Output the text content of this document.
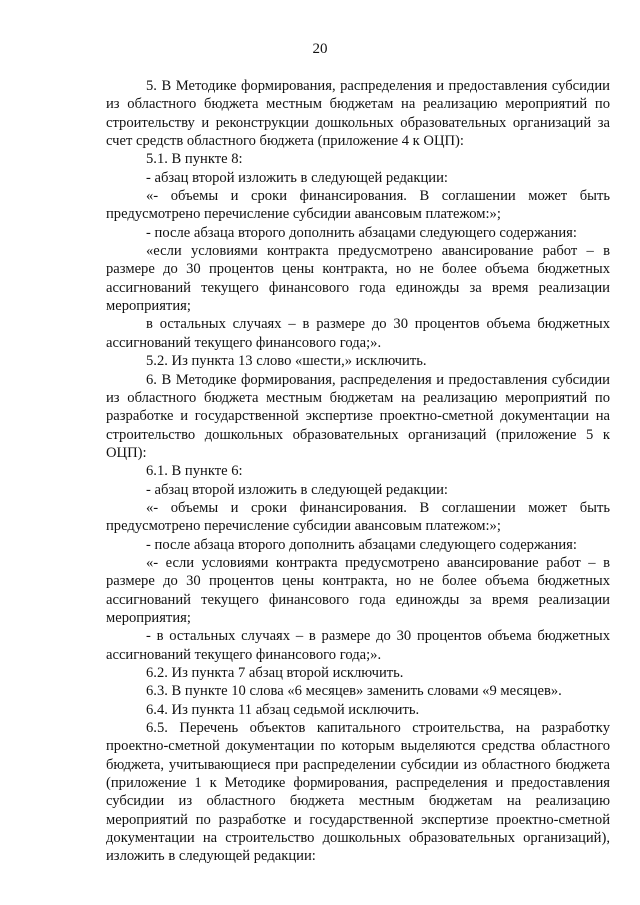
20

5. В Методике формирования, распределения и предоставления субсидии из областного бюджета местным бюджетам на реализацию мероприятий по строительству и реконструкции дошкольных образовательных организаций за счет средств областного бюджета (приложение 4 к ОЦП):

5.1. В пункте 8:

- абзац второй изложить в следующей редакции:

«- объемы и сроки финансирования. В соглашении может быть предусмотрено перечисление субсидии авансовым платежом:»;

- после абзаца второго дополнить абзацами следующего содержания:

«если условиями контракта предусмотрено авансирование работ – в размере до 30 процентов цены контракта, но не более объема бюджетных ассигнований текущего финансового года единожды за время реализации мероприятия;

в остальных случаях – в размере до 30 процентов объема бюджетных ассигнований текущего финансового года;».

5.2. Из пункта 13 слово «шести,» исключить.

6. В Методике формирования, распределения и предоставления субсидии из областного бюджета местным бюджетам на реализацию мероприятий по разработке и государственной экспертизе проектно-сметной документации на строительство дошкольных образовательных организаций (приложение 5 к ОЦП):

6.1. В пункте 6:

- абзац второй изложить в следующей редакции:

«- объемы и сроки финансирования. В соглашении может быть предусмотрено перечисление субсидии авансовым платежом:»;

- после абзаца второго дополнить абзацами следующего содержания:

«- если условиями контракта предусмотрено авансирование работ – в размере до 30 процентов цены контракта, но не более объема бюджетных ассигнований текущего финансового года единожды за время реализации мероприятия;

- в остальных случаях – в размере до 30 процентов объема бюджетных ассигнований текущего финансового года;».

6.2. Из пункта 7 абзац второй исключить.

6.3. В пункте 10 слова «6 месяцев» заменить словами «9 месяцев».

6.4. Из пункта 11 абзац седьмой исключить.

6.5. Перечень объектов капитального строительства, на разработку проектно-сметной документации по которым выделяются средства областного бюджета, учитывающиеся при распределении субсидии из областного бюджета (приложение 1 к Методике формирования, распределения и предоставления субсидии из областного бюджета местным бюджетам на реализацию мероприятий по разработке и государственной экспертизе проектно-сметной документации на строительство дошкольных образовательных организаций), изложить в следующей редакции:
